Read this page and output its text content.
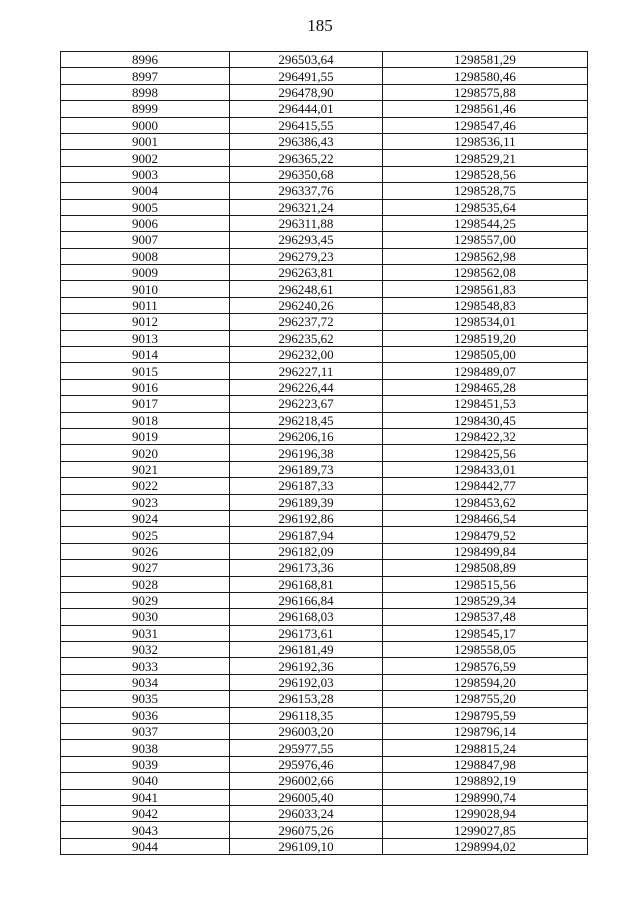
185
8996	296503,64	1298581,29
8997	296491,55	1298580,46
8998	296478,90	1298575,88
8999	296444,01	1298561,46
9000	296415,55	1298547,46
9001	296386,43	1298536,11
9002	296365,22	1298529,21
9003	296350,68	1298528,56
9004	296337,76	1298528,75
9005	296321,24	1298535,64
9006	296311,88	1298544,25
9007	296293,45	1298557,00
9008	296279,23	1298562,98
9009	296263,81	1298562,08
9010	296248,61	1298561,83
9011	296240,26	1298548,83
9012	296237,72	1298534,01
9013	296235,62	1298519,20
9014	296232,00	1298505,00
9015	296227,11	1298489,07
9016	296226,44	1298465,28
9017	296223,67	1298451,53
9018	296218,45	1298430,45
9019	296206,16	1298422,32
9020	296196,38	1298425,56
9021	296189,73	1298433,01
9022	296187,33	1298442,77
9023	296189,39	1298453,62
9024	296192,86	1298466,54
9025	296187,94	1298479,52
9026	296182,09	1298499,84
9027	296173,36	1298508,89
9028	296168,81	1298515,56
9029	296166,84	1298529,34
9030	296168,03	1298537,48
9031	296173,61	1298545,17
9032	296181,49	1298558,05
9033	296192,36	1298576,59
9034	296192,03	1298594,20
9035	296153,28	1298755,20
9036	296118,35	1298795,59
9037	296003,20	1298796,14
9038	295977,55	1298815,24
9039	295976,46	1298847,98
9040	296002,66	1298892,19
9041	296005,40	1298990,74
9042	296033,24	1299028,94
9043	296075,26	1299027,85
9044	296109,10	1298994,02
